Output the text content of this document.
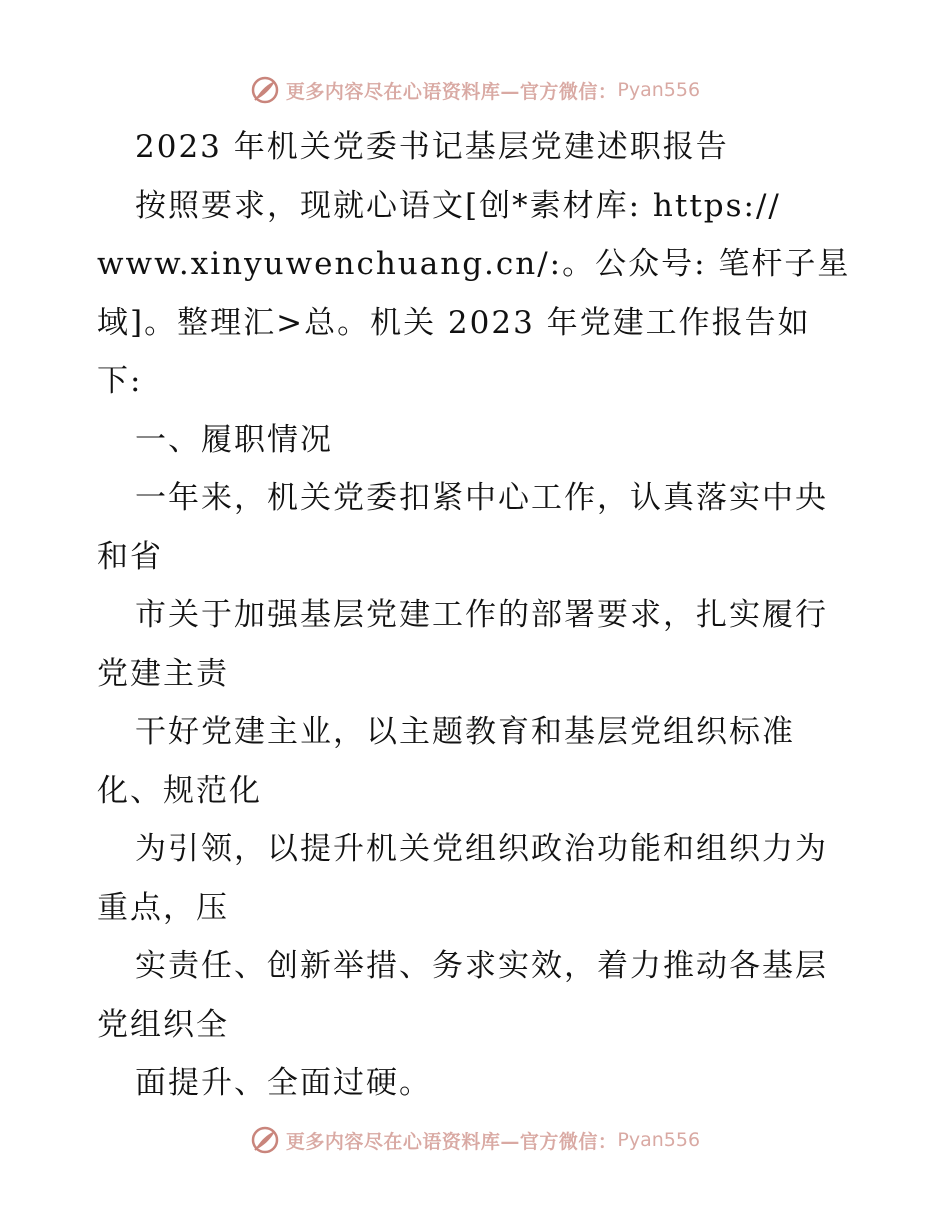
更多内容尽在心语资料库—官方微信： Pyan556
2023 年机关党委书记基层党建述职报告
按照要求，现就心语文[创*素材库: https://
www.xinyuwenchuang.cn/:。公众号: 笔杆子星
域]。整理汇>总。机关 2023 年党建工作报告如
下:
一、履职情况
一年来，机关党委扣紧中心工作，认真落实中央
和省
市关于加强基层党建工作的部署要求，扎实履行
党建主责
干好党建主业，以主题教育和基层党组织标准
化、规范化
为引领，以提升机关党组织政治功能和组织力为
重点，压
实责任、创新举措、务求实效，着力推动各基层
党组织全
面提升、全面过硬。
更多内容尽在心语资料库—官方微信： Pyan556
